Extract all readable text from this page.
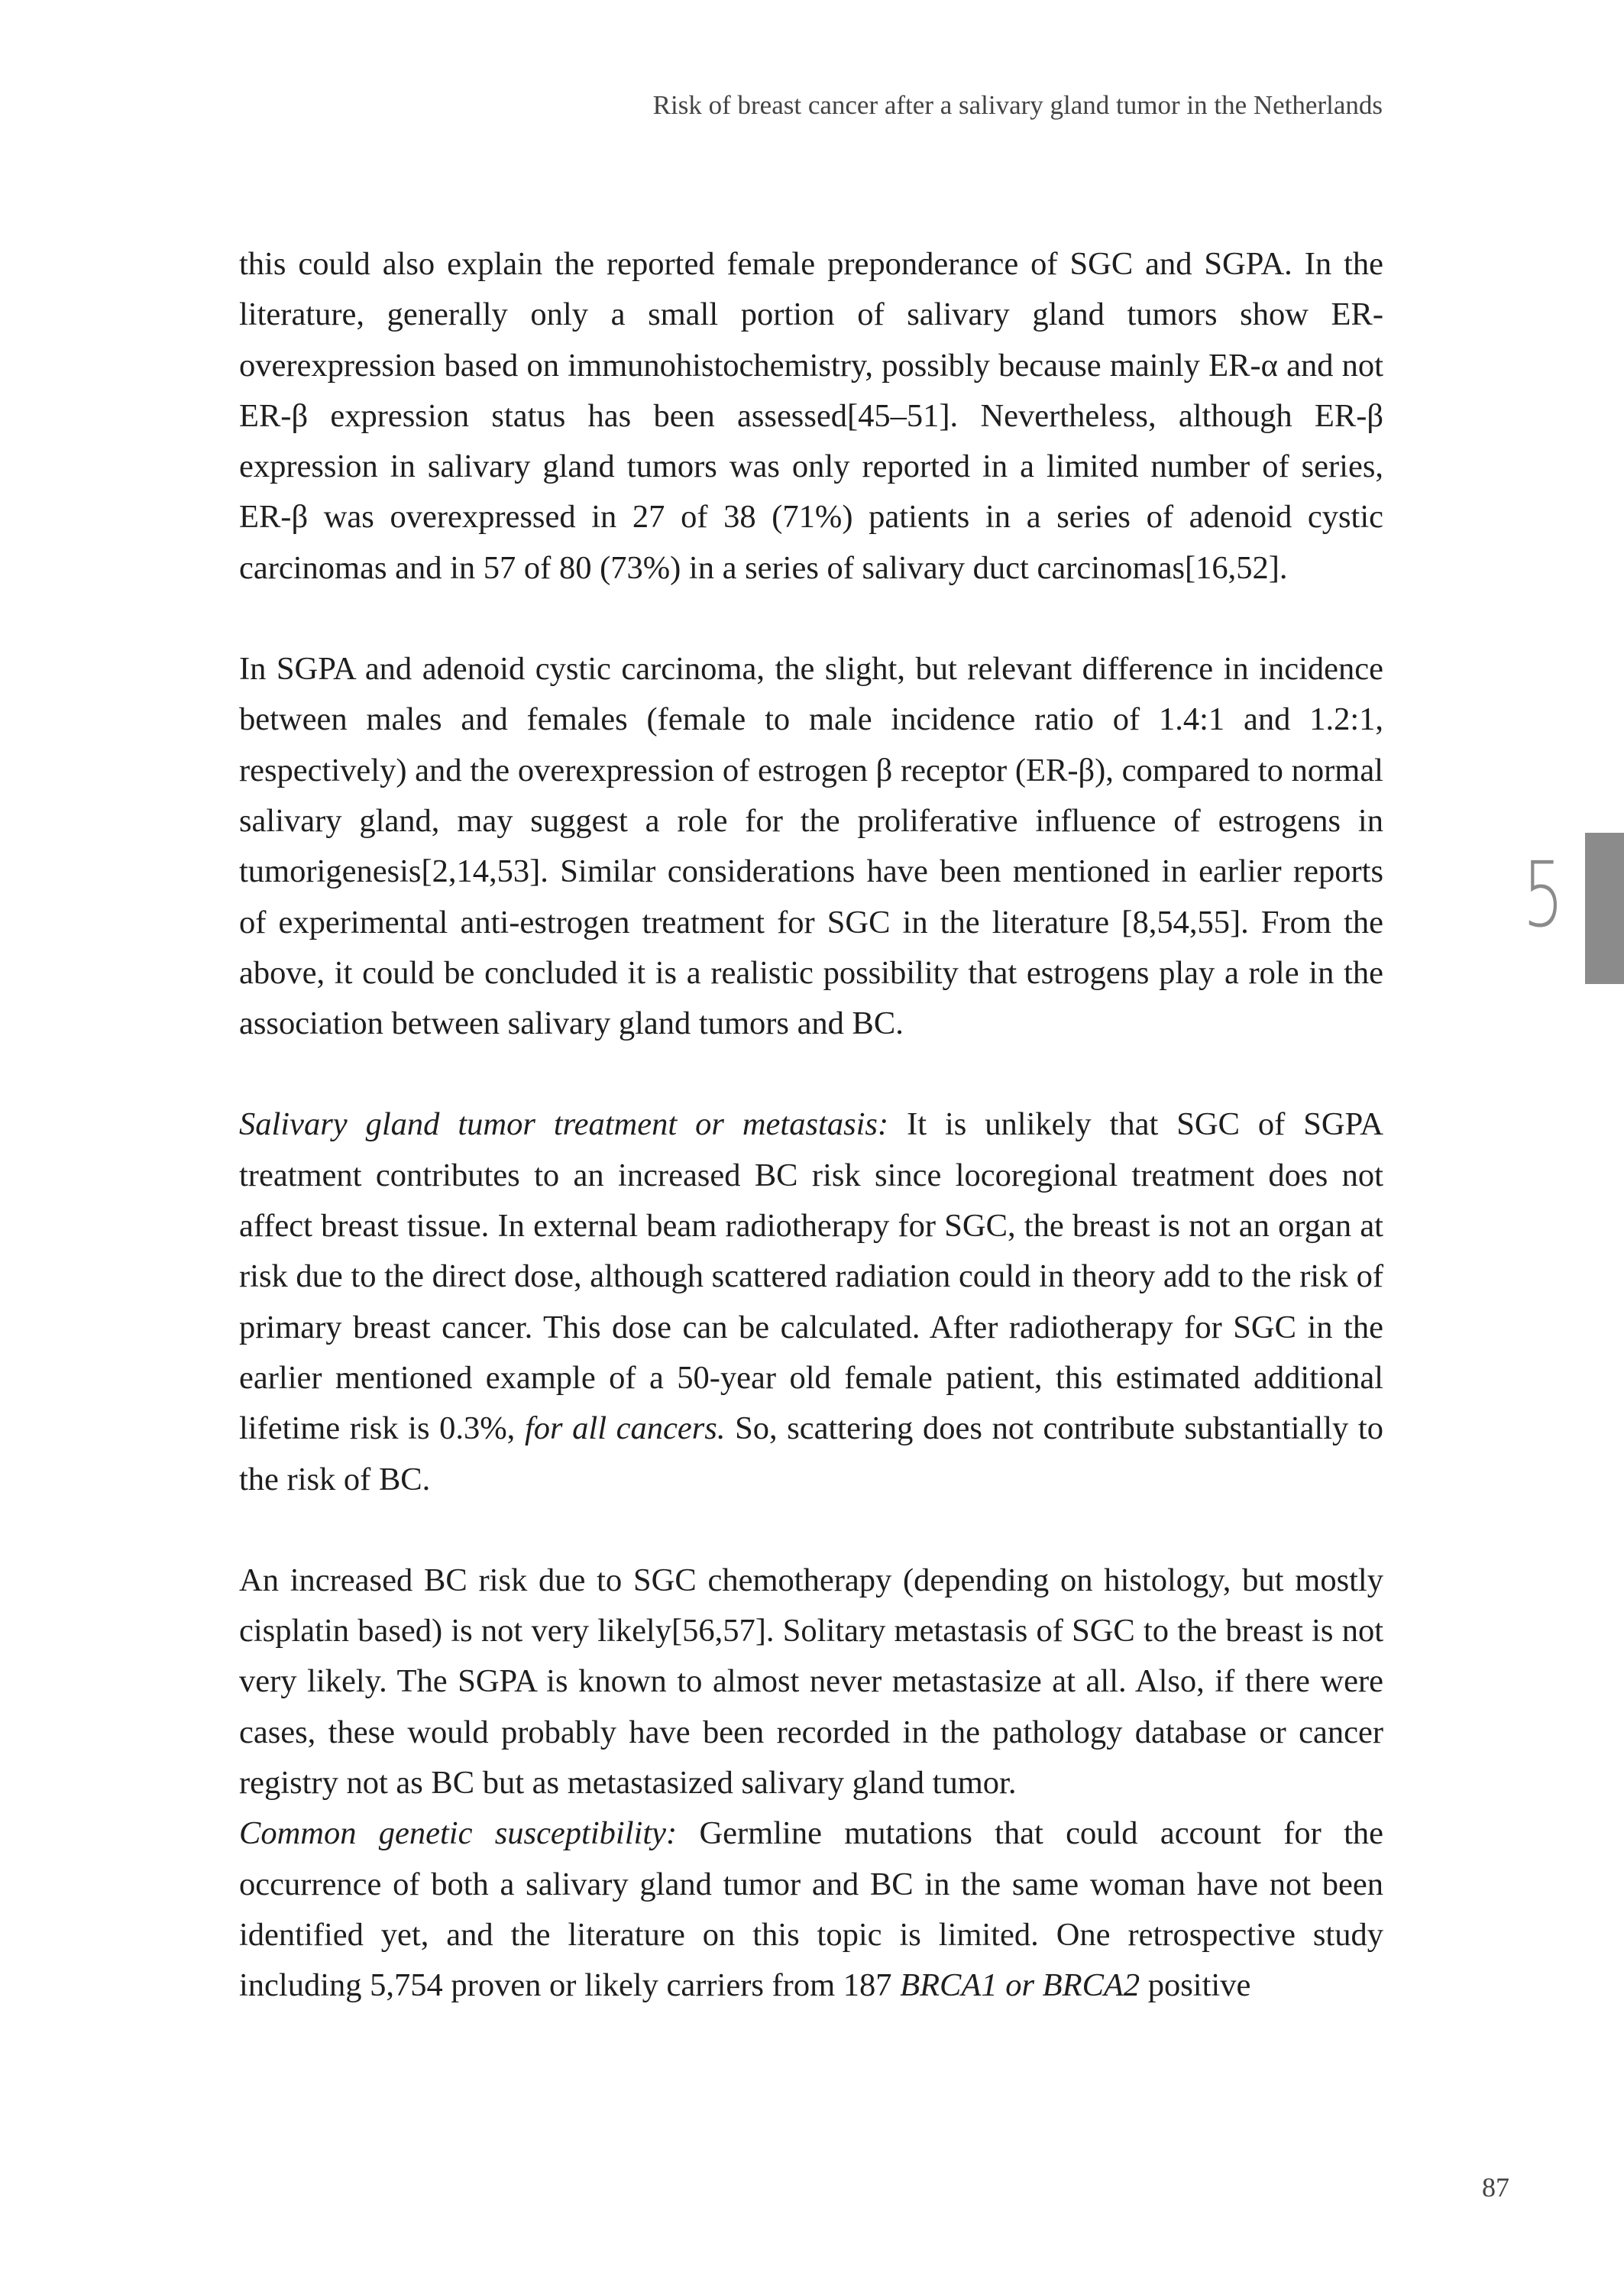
Risk of breast cancer after a salivary gland tumor in the Netherlands

this could also explain the reported female preponderance of SGC and SGPA. In the literature, generally only a small portion of salivary gland tumors show ER-overexpression based on immunohistochemistry, possibly because mainly ER-α and not ER-β expression status has been assessed[45–51]. Nevertheless, although ER-β expression in salivary gland tumors was only reported in a limited number of series, ER-β was overexpressed in 27 of 38 (71%) patients in a series of adenoid cystic carcinomas and in 57 of 80 (73%) in a series of salivary duct carcinomas[16,52].

In SGPA and adenoid cystic carcinoma, the slight, but relevant difference in incidence between males and females (female to male incidence ratio of 1.4:1 and 1.2:1, respectively) and the overexpression of estrogen β receptor (ER-β), compared to normal salivary gland, may suggest a role for the proliferative influence of estrogens in tumorigenesis[2,14,53]. Similar considerations have been mentioned in earlier reports of experimental anti-estrogen treatment for SGC in the literature [8,54,55]. From the above, it could be concluded it is a realistic possibility that estrogens play a role in the association between salivary gland tumors and BC.

Salivary gland tumor treatment or metastasis: It is unlikely that SGC of SGPA treatment contributes to an increased BC risk since locoregional treatment does not affect breast tissue. In external beam radiotherapy for SGC, the breast is not an organ at risk due to the direct dose, although scattered radiation could in theory add to the risk of primary breast cancer. This dose can be calculated. After radiotherapy for SGC in the earlier mentioned example of a 50-year old female patient, this estimated additional lifetime risk is 0.3%, for all cancers. So, scattering does not contribute substantially to the risk of BC.

An increased BC risk due to SGC chemotherapy (depending on histology, but mostly cisplatin based) is not very likely[56,57]. Solitary metastasis of SGC to the breast is not very likely. The SGPA is known to almost never metastasize at all. Also, if there were cases, these would probably have been recorded in the pathology database or cancer registry not as BC but as metastasized salivary gland tumor.

Common genetic susceptibility: Germline mutations that could account for the occurrence of both a salivary gland tumor and BC in the same woman have not been identified yet, and the literature on this topic is limited. One retrospective study including 5,754 proven or likely carriers from 187 BRCA1 or BRCA2 positive

5
87
